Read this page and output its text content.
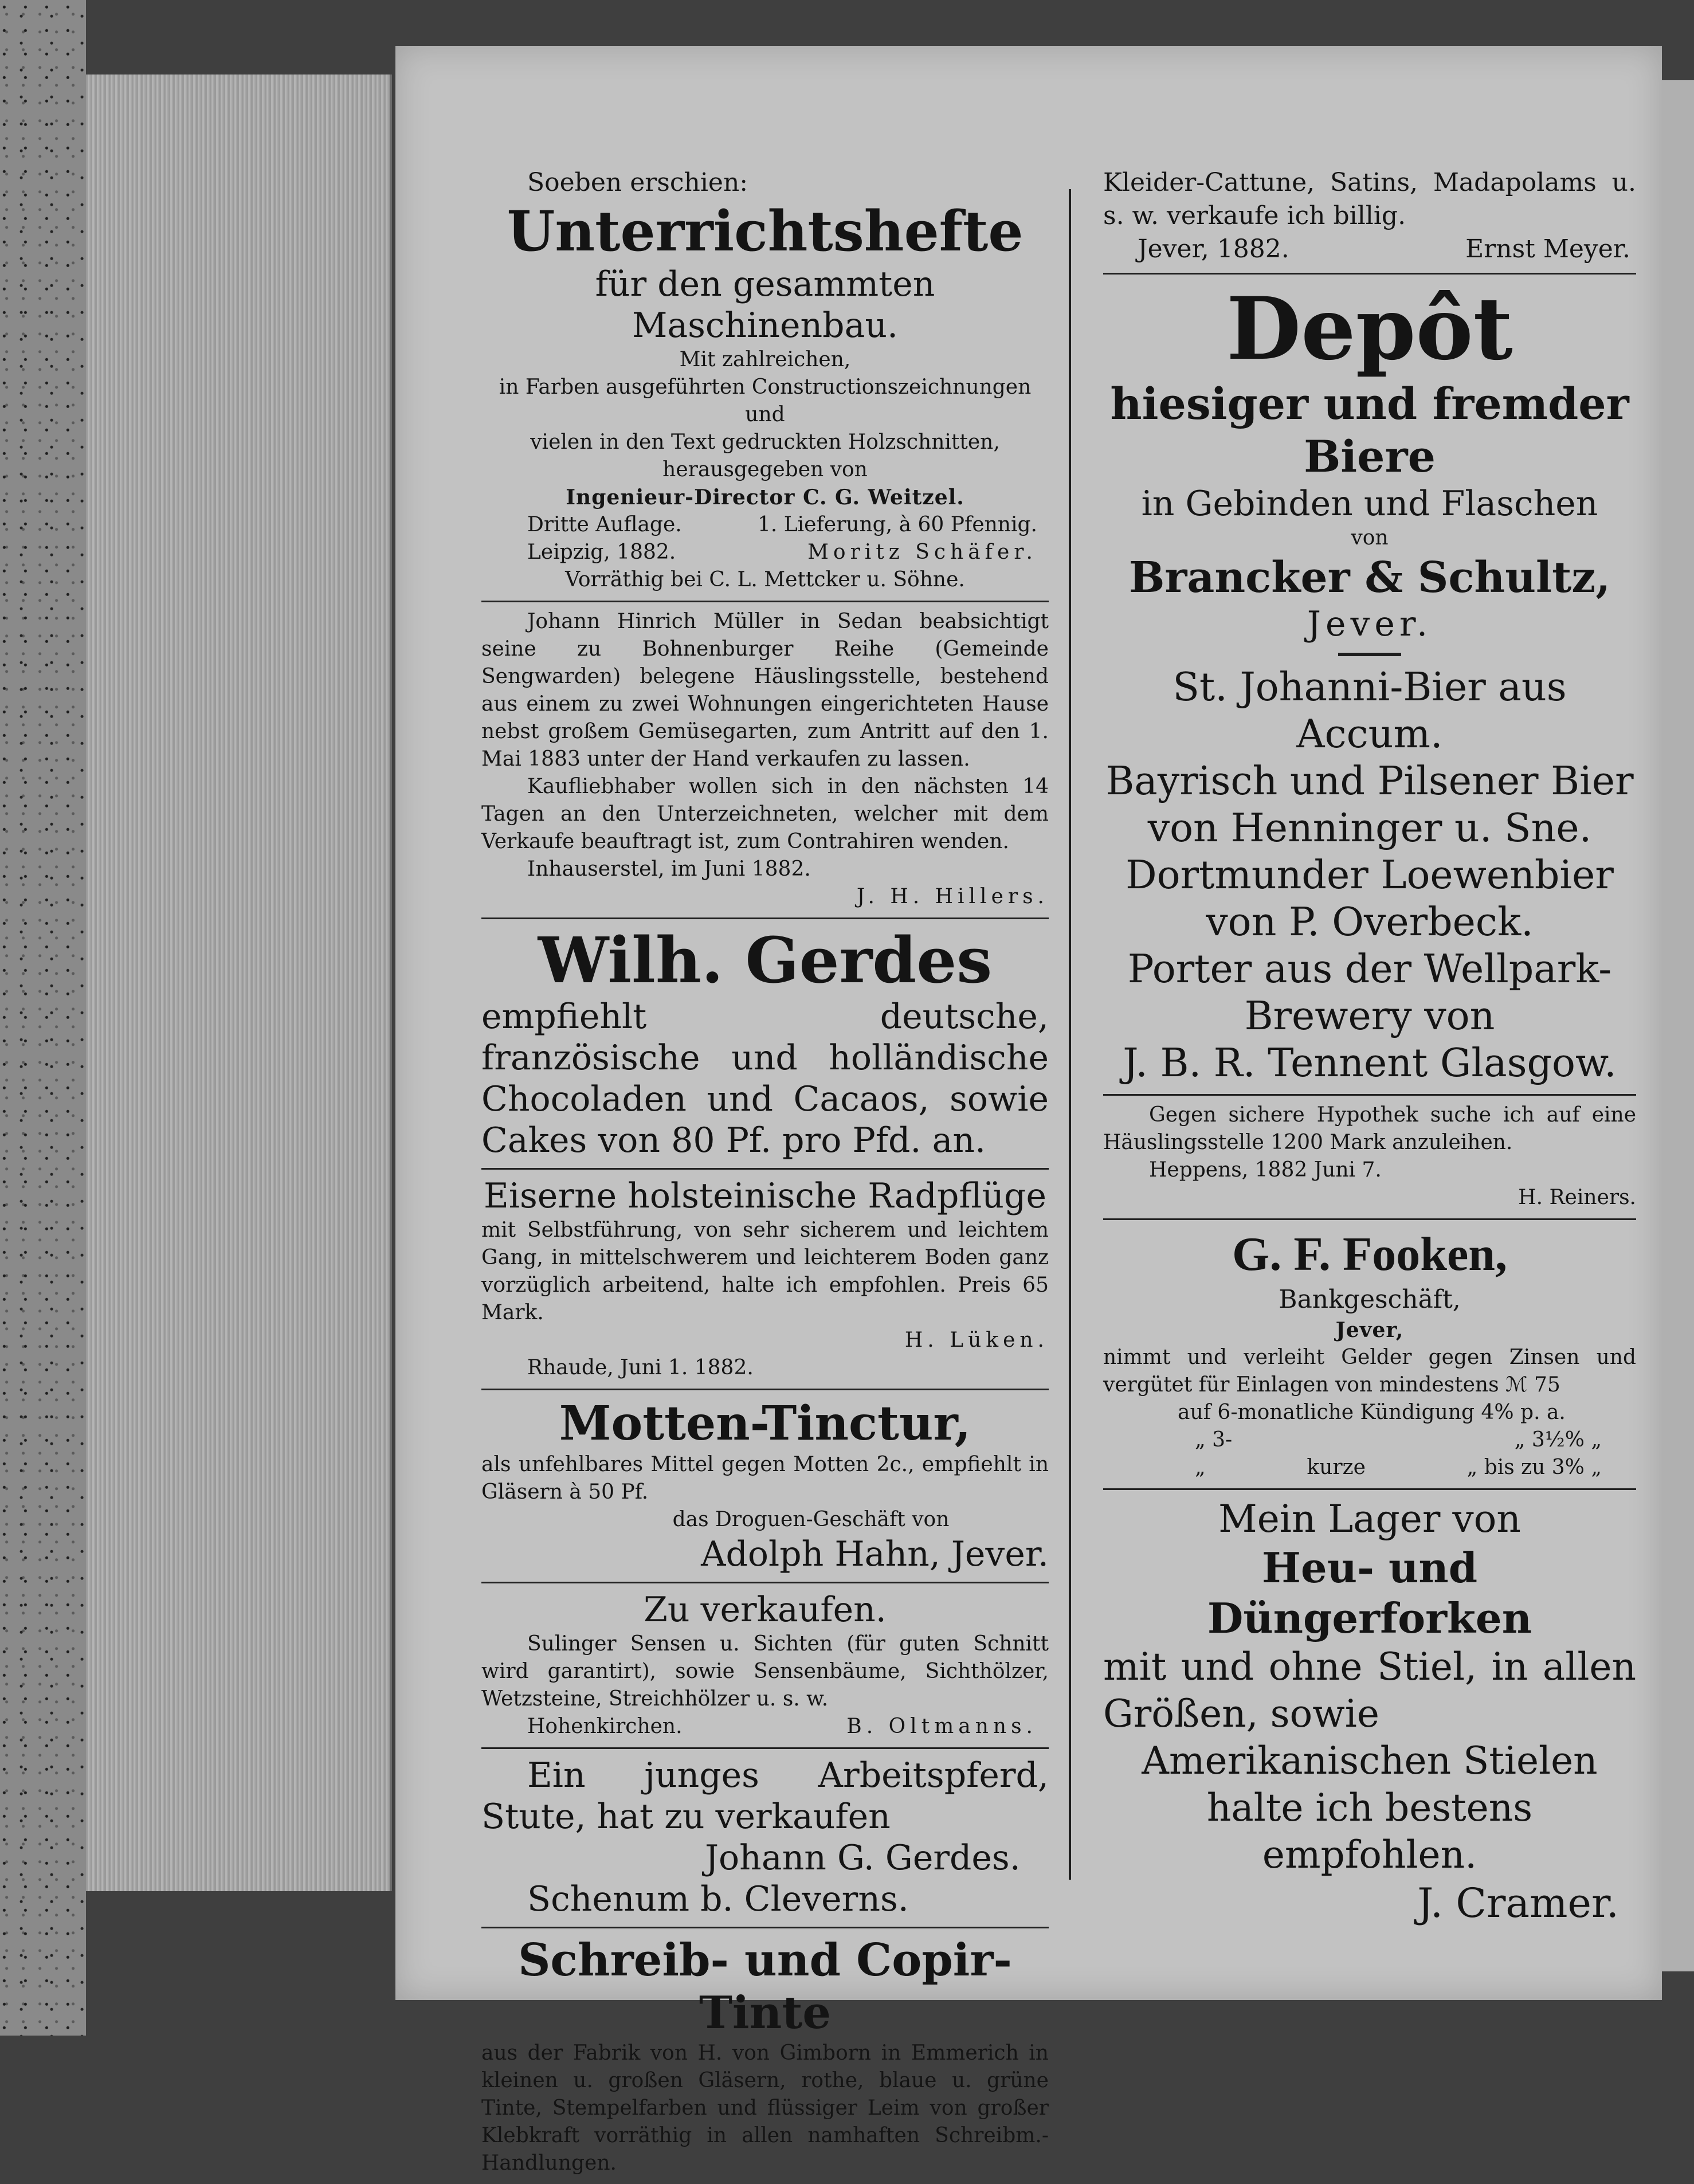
Soeben erschien:
Unterrichtshefte
für den gesammten Maschinenbau.
Mit zahlreichen,
in Farben ausgeführten Constructionszeichnungen und
vielen in den Text gedruckten Holzschnitten,
herausgegeben von
Ingenieur-Director C. G. Weitzel.
Dritte Auflage.	1. Lieferung, à 60 Pfennig.
Leipzig, 1882.	Moritz Schäfer.
Vorräthig bei C. L. Mettcker u. Söhne.
Johann Hinrich Müller in Sedan beabsichtigt seine zu Bohnenburger Reihe (Gemeinde Sengwarden) belegene Häuslingsstelle, bestehend aus einem zu zwei Wohnungen eingerichteten Hause nebst großem Gemüsegarten, zum Antritt auf den 1. Mai 1883 unter der Hand verkaufen zu lassen.
Kaufliebhaber wollen sich in den nächsten 14 Tagen an den Unterzeichneten, welcher mit dem Verkaufe beauftragt ist, zum Contrahiren wenden.
Inhauserstel, im Juni 1882.
J. H. Hillers.
Wilh. Gerdes
empfiehlt deutsche, französische und holländische Chocoladen und Cacaos, sowie Cakes von 80 Pf. pro Pfd. an.
Eiserne holsteinische Radpflüge
mit Selbstführung, von sehr sicherem und leichtem Gang, in mittelschwerem und leichterem Boden ganz vorzüglich arbeitend, halte ich empfohlen. Preis 65 Mark.
H. Lüken.
Rhaude, Juni 1. 1882.
Motten-Tinctur,
als unfehlbares Mittel gegen Motten 2c., empfiehlt in Gläsern à 50 Pf.
das Droguen-Geschäft von
Adolph Hahn, Jever.
Zu verkaufen.
Sulinger Sensen u. Sichten (für guten Schnitt wird garantirt), sowie Sensenbäume, Sichthölzer, Wetzsteine, Streichhölzer u. s. w.
Hohenkirchen.	B. Oltmanns.
Ein junges Arbeitspferd, Stute, hat zu verkaufen
Johann G. Gerdes.
Schenum b. Cleverns.
Schreib- und Copir-Tinte
aus der Fabrik von H. von Gimborn in Emmerich in kleinen u. großen Gläsern, rothe, blaue u. grüne Tinte, Stempelfarben und flüssiger Leim von großer Klebkraft vorräthig in allen namhaften Schreibm.-Handlungen.
Kleider-Cattune, Satins, Madapolams u. s. w. verkaufe ich billig.
Jever, 1882.	Ernst Meyer.
Depôt
hiesiger und fremder Biere
in Gebinden und Flaschen
von
Brancker & Schultz,
Jever.
St. Johanni-Bier aus Accum.
Bayrisch und Pilsener Bier von Henninger u. Sne.
Dortmunder Loewenbier von P. Overbeck.
Porter aus der Wellpark-Brewery von
J. B. R. Tennent Glasgow.
Gegen sichere Hypothek suche ich auf eine Häuslingsstelle 1200 Mark anzuleihen.
Heppens, 1882 Juni 7.
H. Reiners.
G. F. Fooken,
Bankgeschäft,
Jever,
nimmt und verleiht Gelder gegen Zinsen und vergütet für Einlagen von mindestens ℳ 75
auf 6-monatliche Kündigung 4% p. a.
„ 3-	„ 3½% „
„	kurze	„ bis zu 3% „
Mein Lager von
Heu- und Düngerforken
mit und ohne Stiel, in allen Größen, sowie
Amerikanischen Stielen
halte ich bestens empfohlen.
J. Cramer.
